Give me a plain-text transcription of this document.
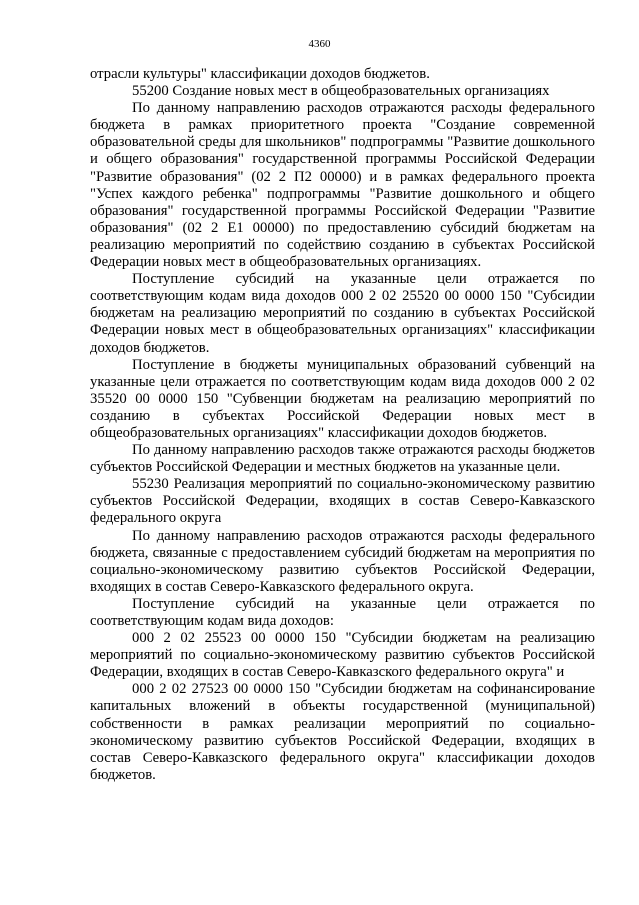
4360

отрасли культуры" классификации доходов бюджетов.

55200 Создание новых мест в общеобразовательных организациях

По данному направлению расходов отражаются расходы федерального бюджета в рамках приоритетного проекта "Создание современной образовательной среды для школьников" подпрограммы "Развитие дошкольного и общего образования" государственной программы Российской Федерации "Развитие образования" (02 2 П2 00000) и в рамках федерального проекта "Успех каждого ребенка" подпрограммы "Развитие дошкольного и общего образования" государственной программы Российской Федерации "Развитие образования" (02 2 Е1 00000) по предоставлению субсидий бюджетам на реализацию мероприятий по содействию созданию в субъектах Российской Федерации новых мест в общеобразовательных организациях.

Поступление субсидий на указанные цели отражается по соответствующим кодам вида доходов 000 2 02 25520 00 0000 150 "Субсидии бюджетам на реализацию мероприятий по созданию в субъектах Российской Федерации новых мест в общеобразовательных организациях" классификации доходов бюджетов.

Поступление в бюджеты муниципальных образований субвенций на указанные цели отражается по соответствующим кодам вида доходов 000 2 02 35520 00 0000 150 "Субвенции бюджетам на реализацию мероприятий по созданию в субъектах Российской Федерации новых мест в общеобразовательных организациях" классификации доходов бюджетов.

По данному направлению расходов также отражаются расходы бюджетов субъектов Российской Федерации и местных бюджетов на указанные цели.

55230 Реализация мероприятий по социально-экономическому развитию субъектов Российской Федерации, входящих в состав Северо-Кавказского федерального округа

По данному направлению расходов отражаются расходы федерального бюджета, связанные с предоставлением субсидий бюджетам на мероприятия по социально-экономическому развитию субъектов Российской Федерации, входящих в состав Северо-Кавказского федерального округа.

Поступление субсидий на указанные цели отражается по соответствующим кодам вида доходов:

000 2 02 25523 00 0000 150 "Субсидии бюджетам на реализацию мероприятий по социально-экономическому развитию субъектов Российской Федерации, входящих в состав Северо-Кавказского федерального округа" и

000 2 02 27523 00 0000 150 "Субсидии бюджетам на софинансирование капитальных вложений в объекты государственной (муниципальной) собственности в рамках реализации мероприятий по социально-экономическому развитию субъектов Российской Федерации, входящих в состав Северо-Кавказского федерального округа" классификации доходов бюджетов.
